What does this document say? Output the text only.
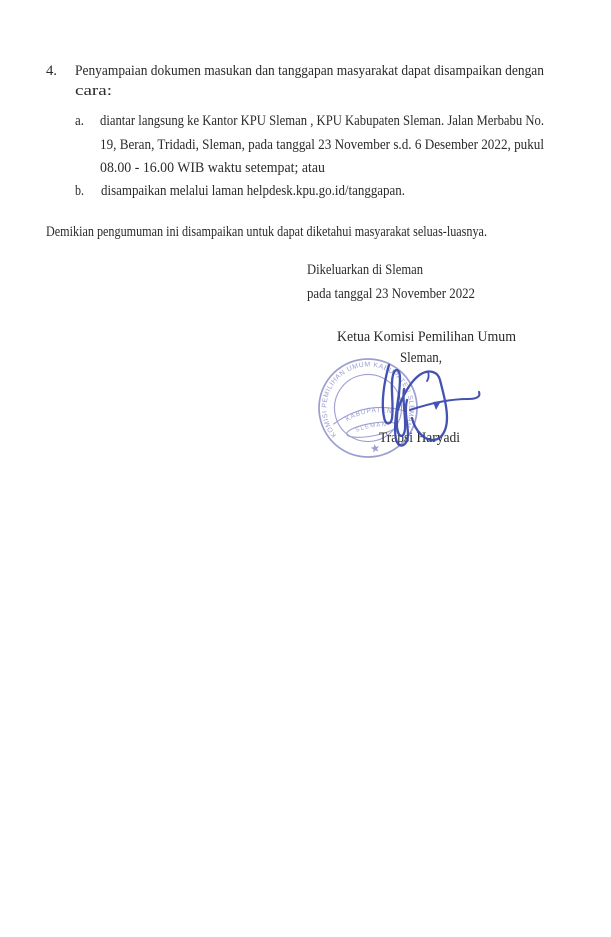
4. Penyampaian dokumen masukan dan tanggapan masyarakat dapat disampaikan dengan
cara:
a. diantar langsung ke Kantor KPU Sleman , KPU Kabupaten Sleman. Jalan Merbabu No.
19, Beran, Tridadi, Sleman, pada tanggal 23 November s.d. 6 Desember 2022, pukul
08.00 - 16.00 WIB waktu setempat; atau
b. disampaikan melalui laman helpdesk.kpu.go.id/tanggapan.
Demikian pengumuman ini disampaikan untuk dapat diketahui masyarakat seluas-luasnya.
Dikeluarkan di Sleman
pada tanggal 23 November 2022
Ketua Komisi Pemilihan Umum
Sleman,
Trapsi Haryadi
KOMISI PEMILIHAN UMUM KABUPATEN SLEMAN
KABUPATEN
SLEMAN
